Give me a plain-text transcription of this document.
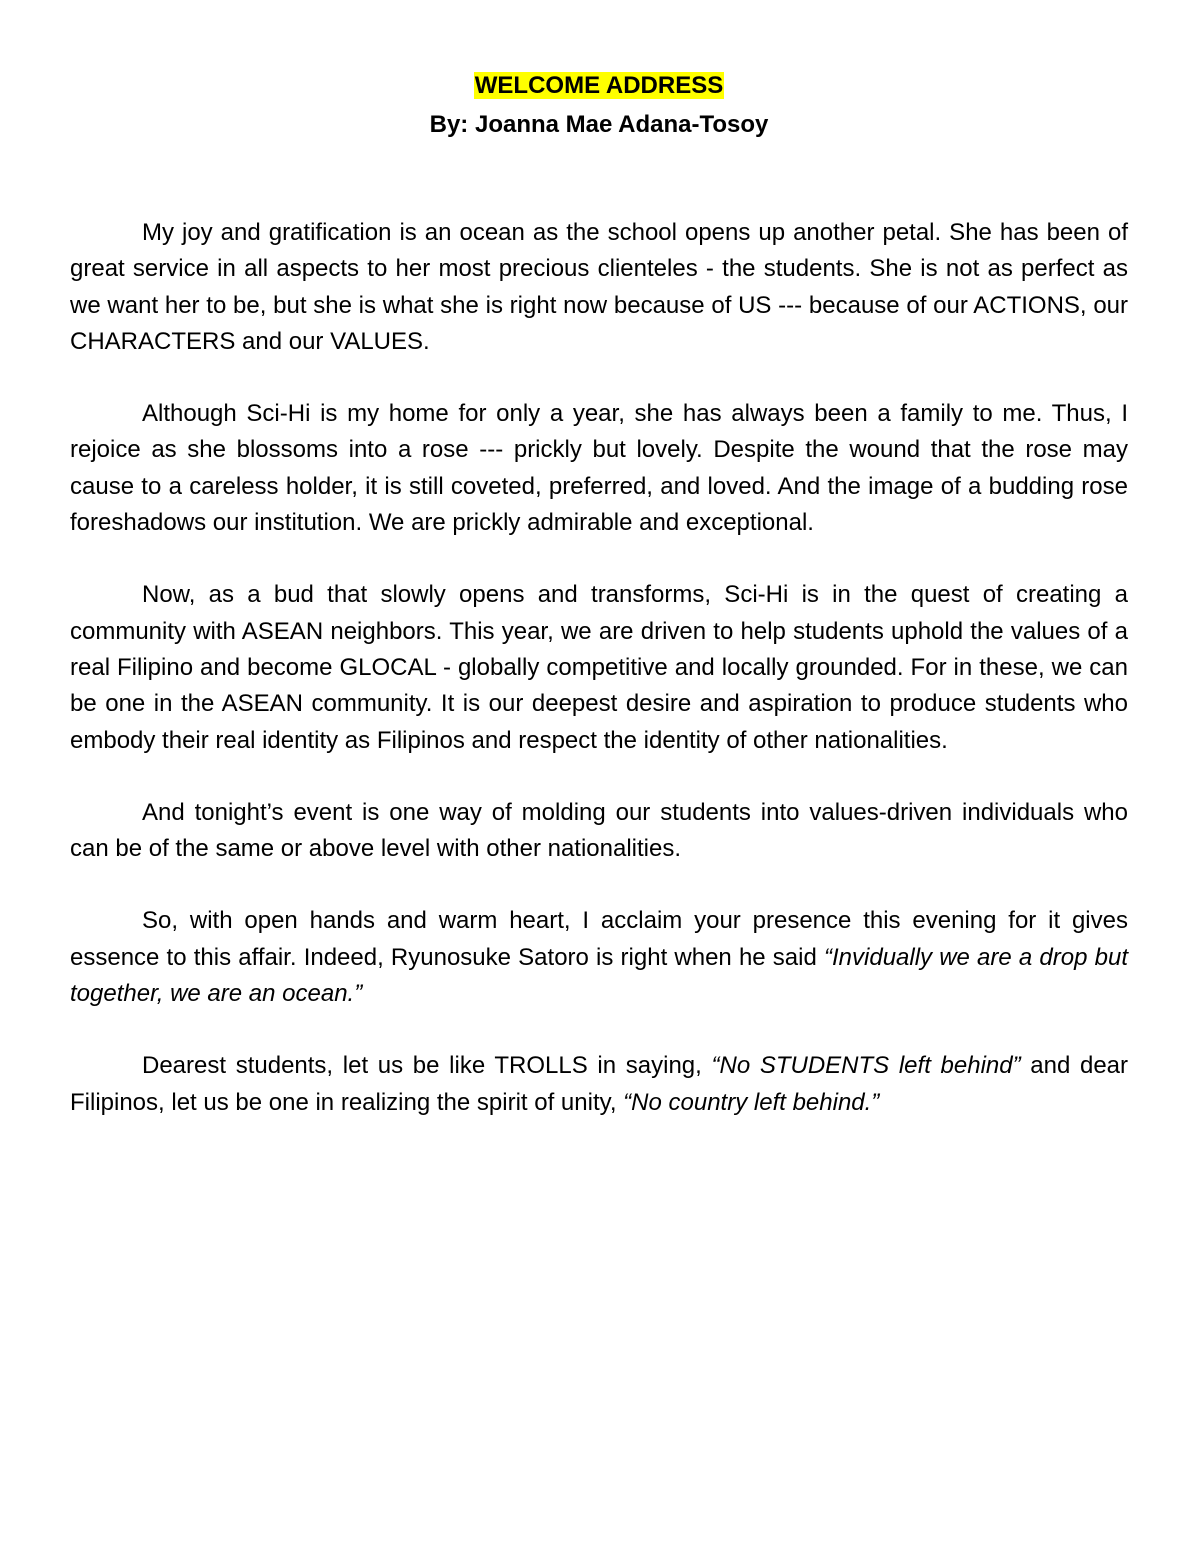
WELCOME ADDRESS
By: Joanna Mae Adana-Tosoy

My joy and gratification is an ocean as the school opens up another petal. She has been of great service in all aspects to her most precious clienteles - the students. She is not as perfect as we want her to be, but she is what she is right now because of US --- because of our ACTIONS, our CHARACTERS and our VALUES.

Although Sci-Hi is my home for only a year, she has always been a family to me. Thus, I rejoice as she blossoms into a rose --- prickly but lovely. Despite the wound that the rose may cause to a careless holder, it is still coveted, preferred, and loved. And the image of a budding rose foreshadows our institution. We are prickly admirable and exceptional.

Now, as a bud that slowly opens and transforms, Sci-Hi is in the quest of creating a community with ASEAN neighbors. This year, we are driven to help students uphold the values of a real Filipino and become GLOCAL - globally competitive and locally grounded. For in these, we can be one in the ASEAN community. It is our deepest desire and aspiration to produce students who embody their real identity as Filipinos and respect the identity of other nationalities.

And tonight’s event is one way of molding our students into values-driven individuals who can be of the same or above level with other nationalities.

So, with open hands and warm heart, I acclaim your presence this evening for it gives essence to this affair. Indeed, Ryunosuke Satoro is right when he said “Invidually we are a drop but together, we are an ocean.”

Dearest students, let us be like TROLLS in saying, “No STUDENTS left behind” and dear Filipinos, let us be one in realizing the spirit of unity, “No country left behind.”
